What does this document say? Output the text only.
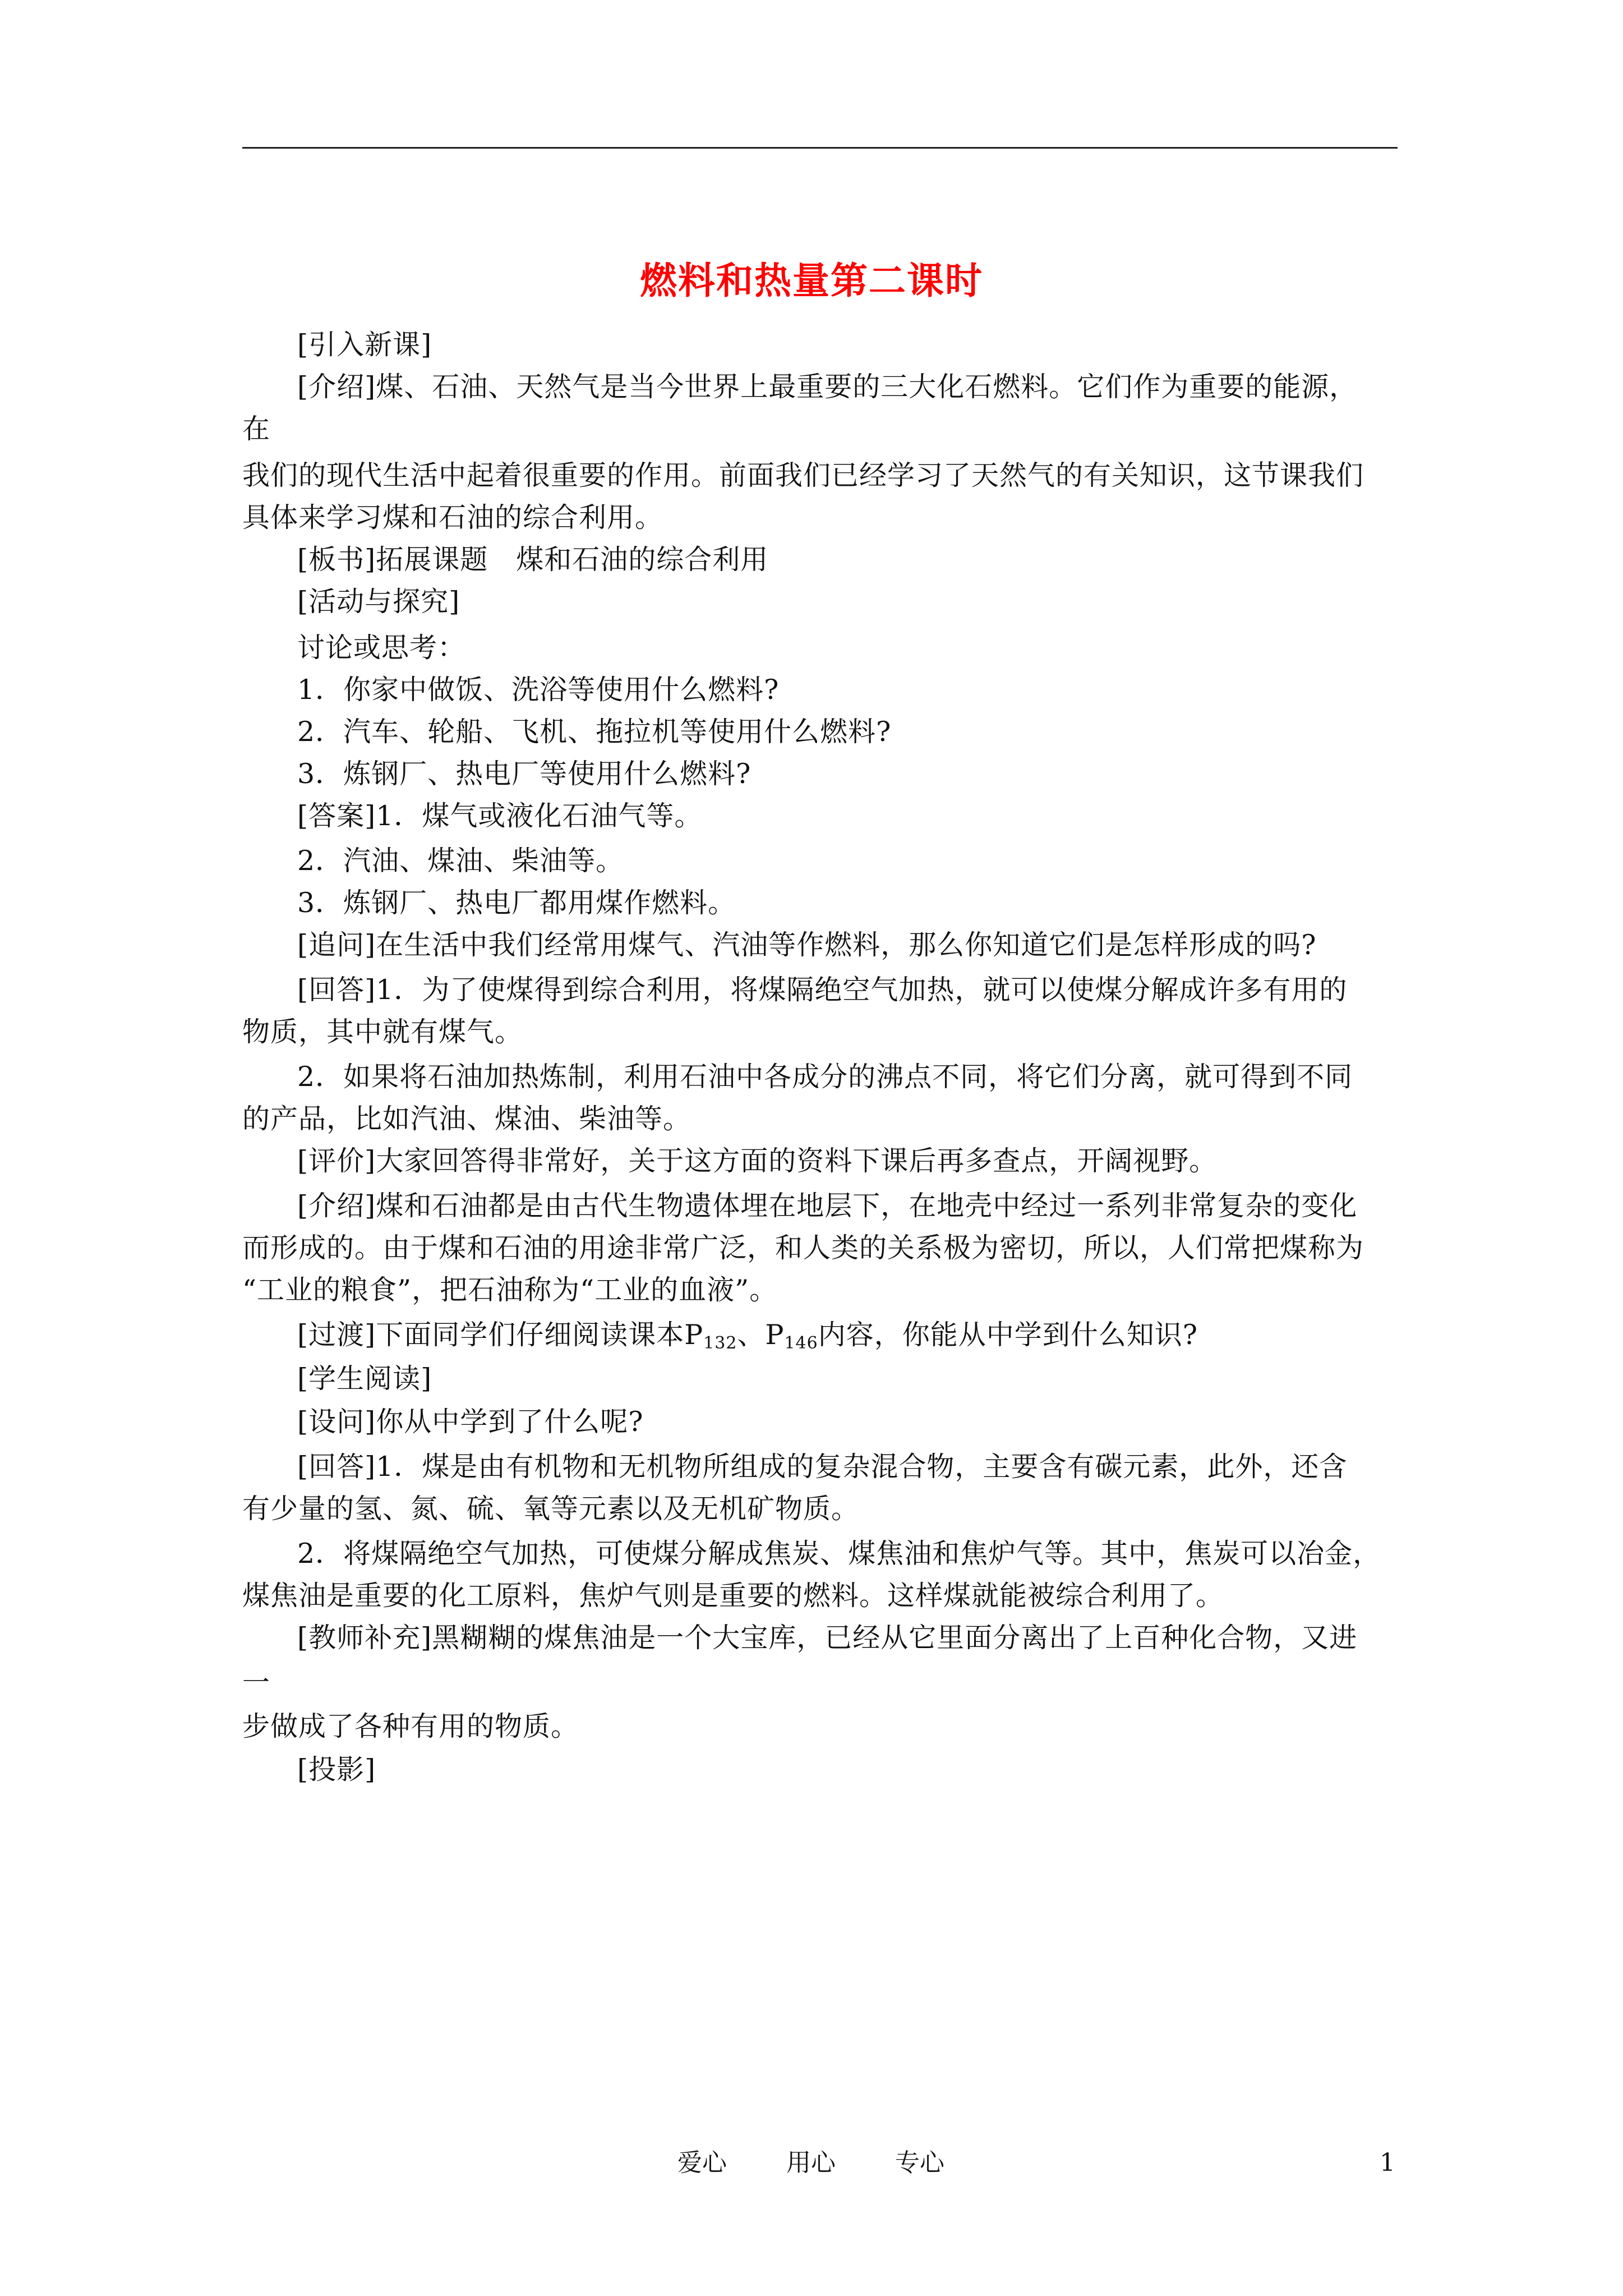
燃料和热量第二课时
[引入新课]
[介绍]煤、石油、天然气是当今世界上最重要的三大化石燃料。它们作为重要的能源，
在
我们的现代生活中起着很重要的作用。前面我们已经学习了天然气的有关知识，这节课我们
具体来学习煤和石油的综合利用。
[板书]拓展课题　煤和石油的综合利用
[活动与探究]
讨论或思考：
1．你家中做饭、洗浴等使用什么燃料?
2．汽车、轮船、飞机、拖拉机等使用什么燃料?
3．炼钢厂、热电厂等使用什么燃料?
[答案]1．煤气或液化石油气等。
2．汽油、煤油、柴油等。
3．炼钢厂、热电厂都用煤作燃料。
[追问]在生活中我们经常用煤气、汽油等作燃料，那么你知道它们是怎样形成的吗?
[回答]1．为了使煤得到综合利用，将煤隔绝空气加热，就可以使煤分解成许多有用的
物质，其中就有煤气。
2．如果将石油加热炼制，利用石油中各成分的沸点不同，将它们分离，就可得到不同
的产品，比如汽油、煤油、柴油等。
[评价]大家回答得非常好，关于这方面的资料下课后再多查点，开阔视野。
[介绍]煤和石油都是由古代生物遗体埋在地层下，在地壳中经过一系列非常复杂的变化
而形成的。由于煤和石油的用途非常广泛，和人类的关系极为密切，所以，人们常把煤称为
“工业的粮食”，把石油称为“工业的血液”。
[过渡]下面同学们仔细阅读课本$P_{132}$、$P_{146}$内容，你能从中学到什么知识?
[学生阅读]
[设问]你从中学到了什么呢?
[回答]1．煤是由有机物和无机物所组成的复杂混合物，主要含有碳元素，此外，还含
有少量的氢、氮、硫、氧等元素以及无机矿物质。
2．将煤隔绝空气加热，可使煤分解成焦炭、煤焦油和焦炉气等。其中，焦炭可以冶金，
煤焦油是重要的化工原料，焦炉气则是重要的燃料。这样煤就能被综合利用了。
[教师补充]黑糊糊的煤焦油是一个大宝库，已经从它里面分离出了上百种化合物，又进
一
步做成了各种有用的物质。
[投影]
爱心 用心 专心	1
